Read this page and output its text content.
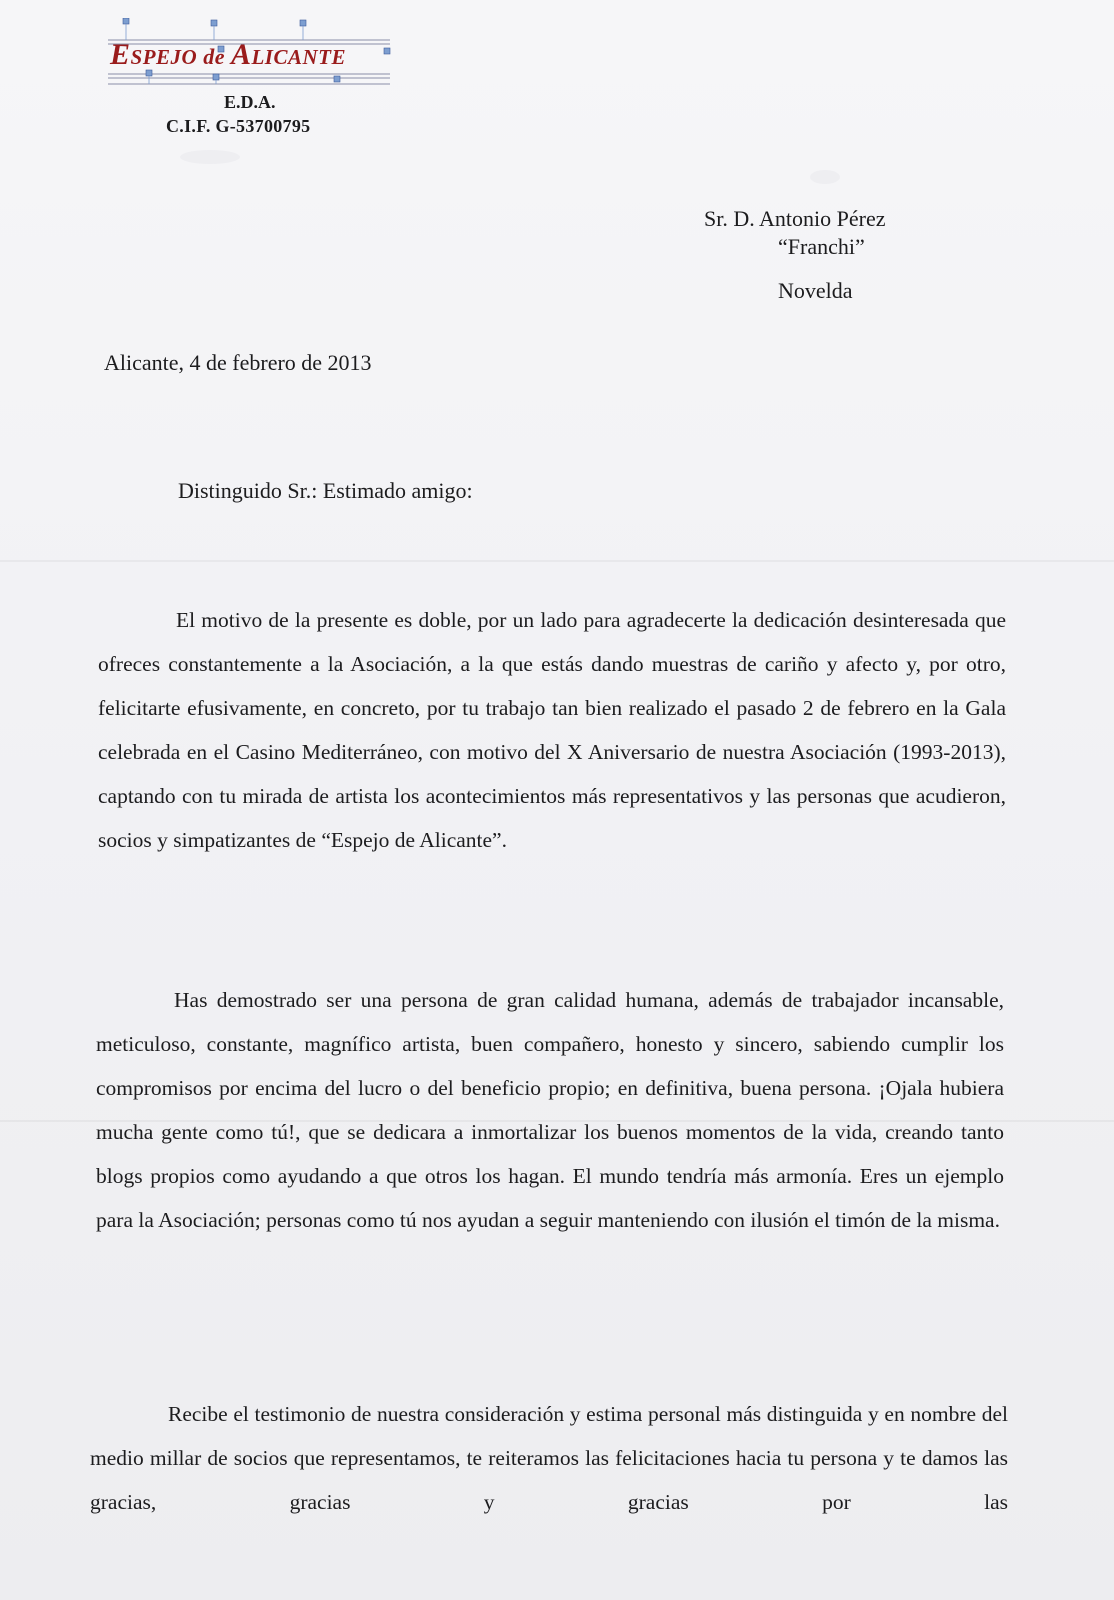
ESPEJO de ALICANTE
E.D.A.
C.I.F. G-53700795
Sr. D. Antonio Pérez
“Franchi”
Novelda
Alicante, 4 de febrero de 2013
Distinguido Sr.: Estimado amigo:

El motivo de la presente es doble, por un lado para agradecerte la dedicación desinteresada que ofreces constantemente a la Asociación, a la que estás dando muestras de cariño y afecto y, por otro, felicitarte efusivamente, en concreto, por tu trabajo tan bien realizado el pasado 2 de febrero en la Gala celebrada en el Casino Mediterráneo, con motivo del X Aniversario de nuestra Asociación (1993-2013), captando con tu mirada de artista los acontecimientos más representativos y las personas que acudieron, socios y simpatizantes de “Espejo de Alicante”.

Has demostrado ser una persona de gran calidad humana, además de trabajador incansable, meticuloso, constante, magnífico artista, buen compañero, honesto y sincero, sabiendo cumplir los compromisos por encima del lucro o del beneficio propio; en definitiva, buena persona. ¡Ojala hubiera mucha gente como tú!, que se dedicara a inmortalizar los buenos momentos de la vida, creando tanto blogs propios como ayudando a que otros los hagan. El mundo tendría más armonía. Eres un ejemplo para la Asociación; personas como tú nos ayudan a seguir manteniendo con ilusión el timón de la misma.

Recibe el testimonio de nuestra consideración y estima personal más distinguida y en nombre del medio millar de socios que representamos, te reiteramos las felicitaciones hacia tu persona y te damos las gracias, gracias y gracias por las
